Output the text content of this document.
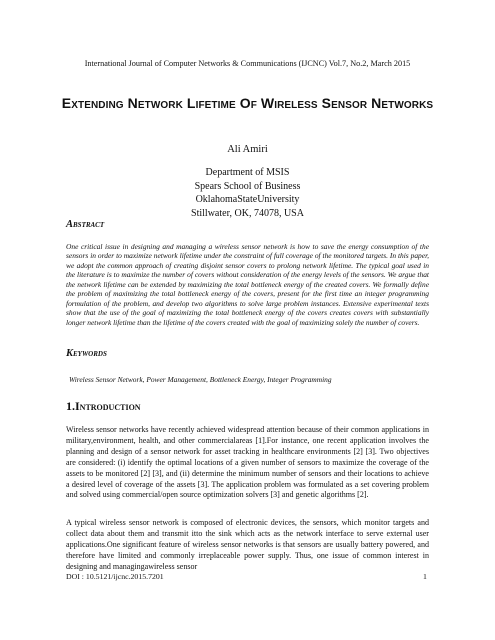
International Journal of Computer Networks & Communications (IJCNC) Vol.7, No.2, March 2015
Extending Network Lifetime Of Wireless Sensor Networks
Ali Amiri
Department of MSIS
Spears School of Business
OklahomaStateUniversity
Stillwater, OK, 74078, USA
Abstract

One critical issue in designing and managing a wireless sensor network is how to save the energy consumption of the sensors in order to maximize network lifetime under the constraint of full coverage of the monitored targets. In this paper, we adopt the common approach of creating disjoint sensor covers to prolong network lifetime. The typical goal used in the literature is to maximize the number of covers without consideration of the energy levels of the sensors. We argue that the network lifetime can be extended by maximizing the total bottleneck energy of the created covers. We formally define the problem of maximizing the total bottleneck energy of the covers, present for the first time an integer programming formulation of the problem, and develop two algorithms to solve large problem instances. Extensive experimental texts show that the use of the goal of maximizing the total bottleneck energy of the covers creates covers with substantially longer network lifetime than the lifetime of the covers created with the goal of maximizing solely the number of covers.

Keywords

Wireless Sensor Network, Power Management, Bottleneck Energy, Integer Programming

1.Introduction

Wireless sensor networks have recently achieved widespread attention because of their common applications in military,environment, health, and other commercialareas [1].For instance, one recent application involves the planning and design of a sensor network for asset tracking in healthcare environments [2] [3]. Two objectives are considered: (i) identify the optimal locations of a given number of sensors to maximize the coverage of the assets to be monitored [2] [3], and (ii) determine the minimum number of sensors and their locations to achieve a desired level of coverage of the assets [3]. The application problem was formulated as a set covering problem and solved using commercial/open source optimization solvers [3] and genetic algorithms [2].

A typical wireless sensor network is composed of electronic devices, the sensors, which monitor targets and collect data about them and transmit itto the sink which acts as the network interface to serve external user applications.One significant feature of wireless sensor networks is that sensors are usually battery powered, and therefore have limited and commonly irreplaceable power supply. Thus, one issue of common interest in designing and managingawireless sensor

DOI : 10.5121/ijcnc.2015.7201	1
